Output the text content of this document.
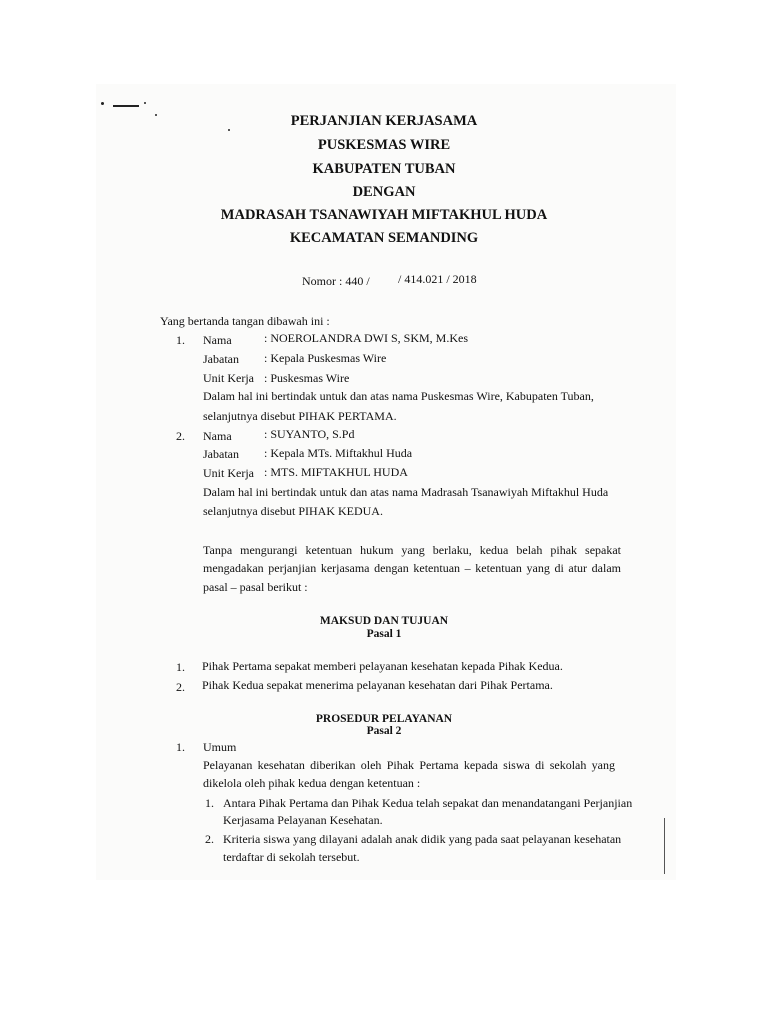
PERJANJIAN KERJASAMA
PUSKESMAS WIRE
KABUPATEN TUBAN
DENGAN
MADRASAH TSANAWIYAH MIFTAKHUL HUDA
KECAMATAN SEMANDING
Nomor : 440 / / 414.021 / 2018
Yang bertanda tangan dibawah ini :
1. Nama	: NOEROLANDRA DWI S, SKM, M.Kes
Jabatan : Kepala Puskesmas Wire
Unit Kerja : Puskesmas Wire
Dalam hal ini bertindak untuk dan atas nama Puskesmas Wire, Kabupaten Tuban,
selanjutnya disebut PIHAK PERTAMA.
2. Nama	: SUYANTO, S.Pd
Jabatan : Kepala MTs. Miftakhul Huda
Unit Kerja : MTS. MIFTAKHUL HUDA
Dalam hal ini bertindak untuk dan atas nama Madrasah Tsanawiyah Miftakhul Huda
selanjutnya disebut PIHAK KEDUA.
Tanpa mengurangi ketentuan hukum yang berlaku, kedua belah pihak sepakat
mengadakan perjanjian kerjasama dengan ketentuan – ketentuan yang di atur dalam
pasal – pasal berikut :
MAKSUD DAN TUJUAN
Pasal 1
1. Pihak Pertama sepakat memberi pelayanan kesehatan kepada Pihak Kedua.
2. Pihak Kedua sepakat menerima pelayanan kesehatan dari Pihak Pertama.
PROSEDUR PELAYANAN
Pasal 2
1. Umum
Pelayanan kesehatan diberikan oleh Pihak Pertama kepada siswa di sekolah yang
dikelola oleh pihak kedua dengan ketentuan :
1. Antara Pihak Pertama dan Pihak Kedua telah sepakat dan menandatangani Perjanjian
Kerjasama Pelayanan Kesehatan.
2. Kriteria siswa yang dilayani adalah anak didik yang pada saat pelayanan kesehatan
terdaftar di sekolah tersebut.
